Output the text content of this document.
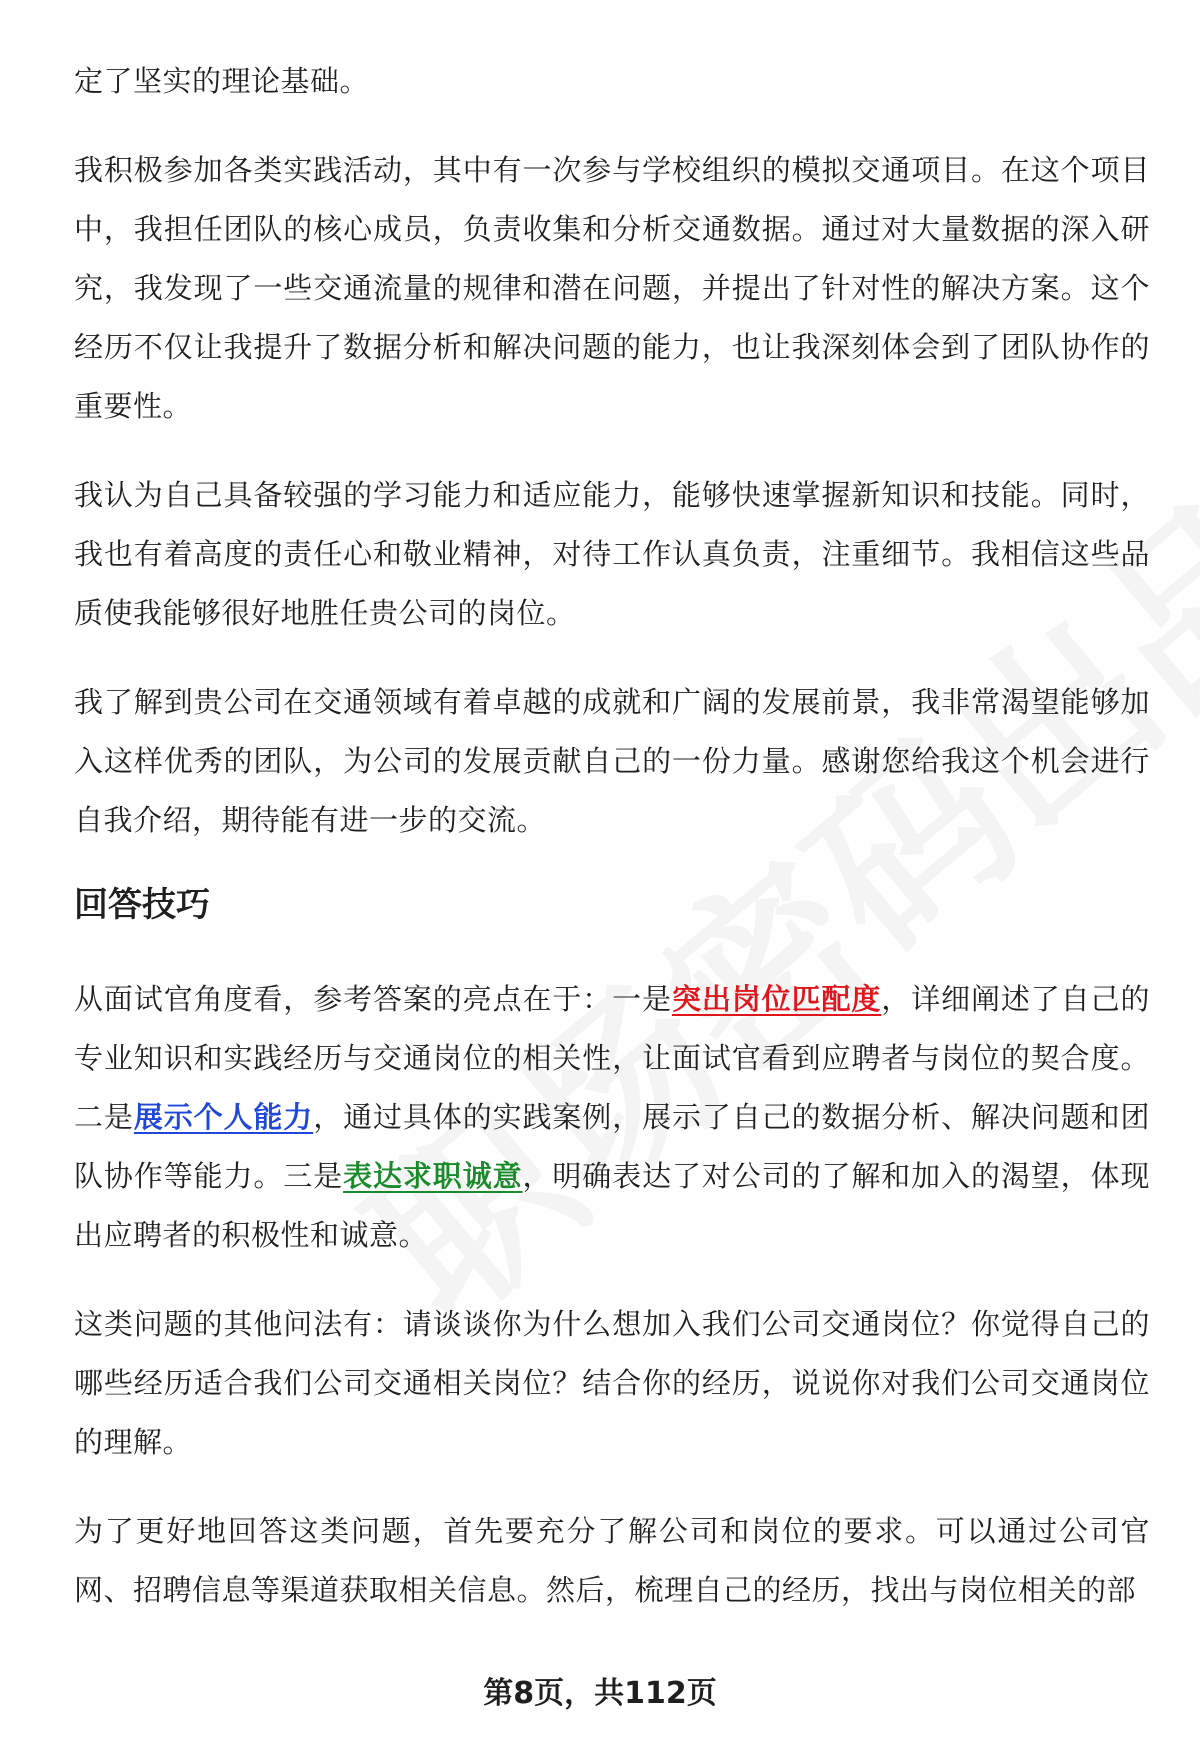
定了坚实的理论基础。

我积极参加各类实践活动，其中有一次参与学校组织的模拟交通项目。在这个项目中，我担任团队的核心成员，负责收集和分析交通数据。通过对大量数据的深入研究，我发现了一些交通流量的规律和潜在问题，并提出了针对性的解决方案。这个经历不仅让我提升了数据分析和解决问题的能力，也让我深刻体会到了团队协作的重要性。

我认为自己具备较强的学习能力和适应能力，能够快速掌握新知识和技能。同时，我也有着高度的责任心和敬业精神，对待工作认真负责，注重细节。我相信这些品质使我能够很好地胜任贵公司的岗位。

我了解到贵公司在交通领域有着卓越的成就和广阔的发展前景，我非常渴望能够加入这样优秀的团队，为公司的发展贡献自己的一份力量。感谢您给我这个机会进行自我介绍，期待能有进一步的交流。

回答技巧

从面试官角度看，参考答案的亮点在于：一是突出岗位匹配度，详细阐述了自己的专业知识和实践经历与交通岗位的相关性，让面试官看到应聘者与岗位的契合度。二是展示个人能力，通过具体的实践案例，展示了自己的数据分析、解决问题和团队协作等能力。三是表达求职诚意，明确表达了对公司的了解和加入的渴望，体现出应聘者的积极性和诚意。

这类问题的其他问法有：请谈谈你为什么想加入我们公司交通岗位？你觉得自己的哪些经历适合我们公司交通相关岗位？结合你的经历，说说你对我们公司交通岗位的理解。

为了更好地回答这类问题，首先要充分了解公司和岗位的要求。可以通过公司官网、招聘信息等渠道获取相关信息。然后，梳理自己的经历，找出与岗位相关的部

第8页，共112页
